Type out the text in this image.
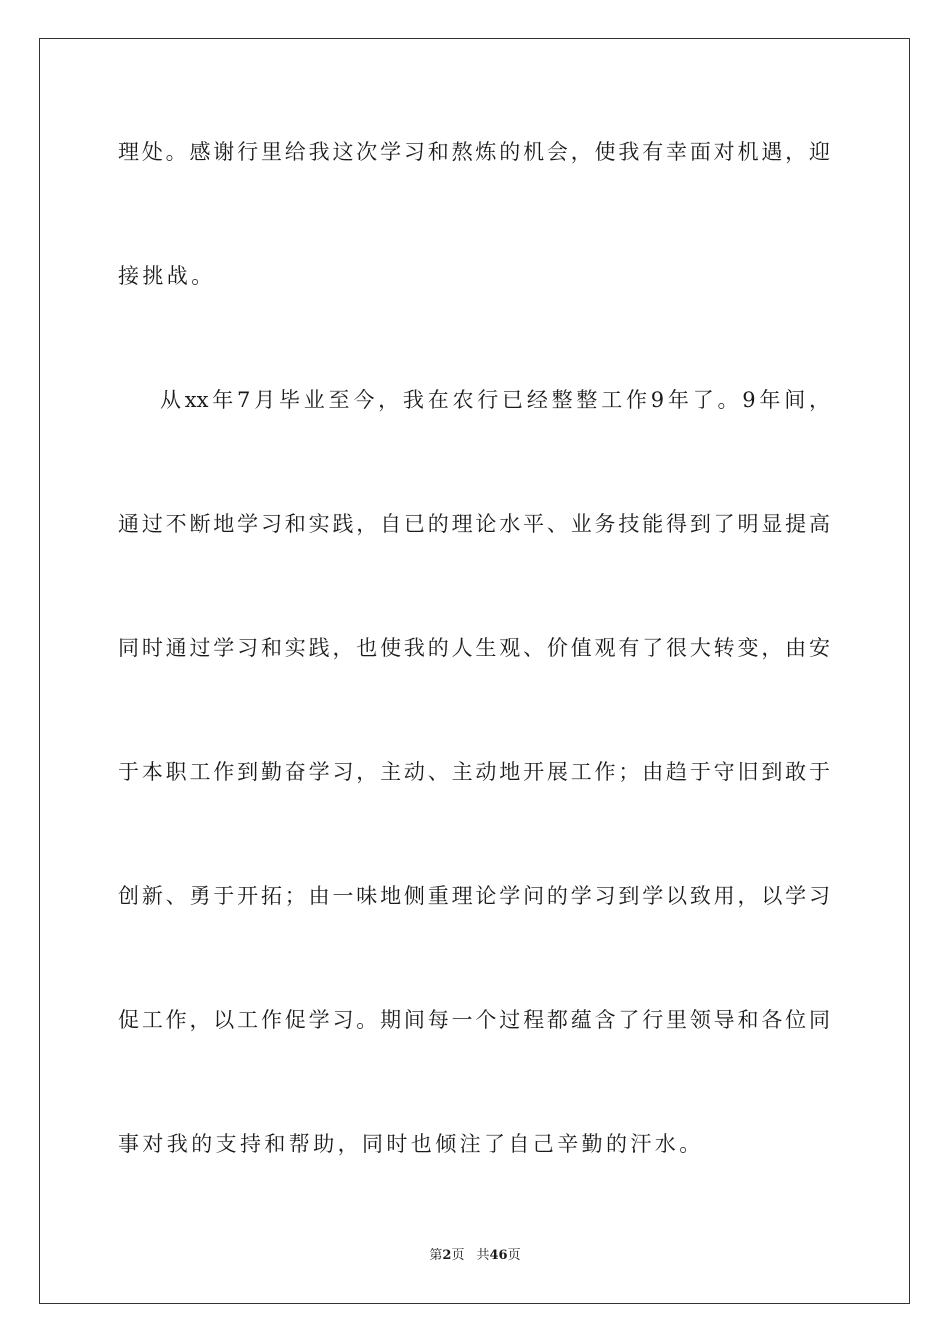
理处。感谢行里给我这次学习和熬炼的机会，使我有幸面对机遇，迎
接挑战。
从xx年7月毕业至今，我在农行已经整整工作9年了。9年间，
通过不断地学习和实践，自已的理论水平、业务技能得到了明显提高
同时通过学习和实践，也使我的人生观、价值观有了很大转变，由安
于本职工作到勤奋学习，主动、主动地开展工作；由趋于守旧到敢于
创新、勇于开拓；由一味地侧重理论学问的学习到学以致用，以学习
促工作，以工作促学习。期间每一个过程都蕴含了行里领导和各位同
事对我的支持和帮助，同时也倾注了自己辛勤的汗水。
第2页 共46页
